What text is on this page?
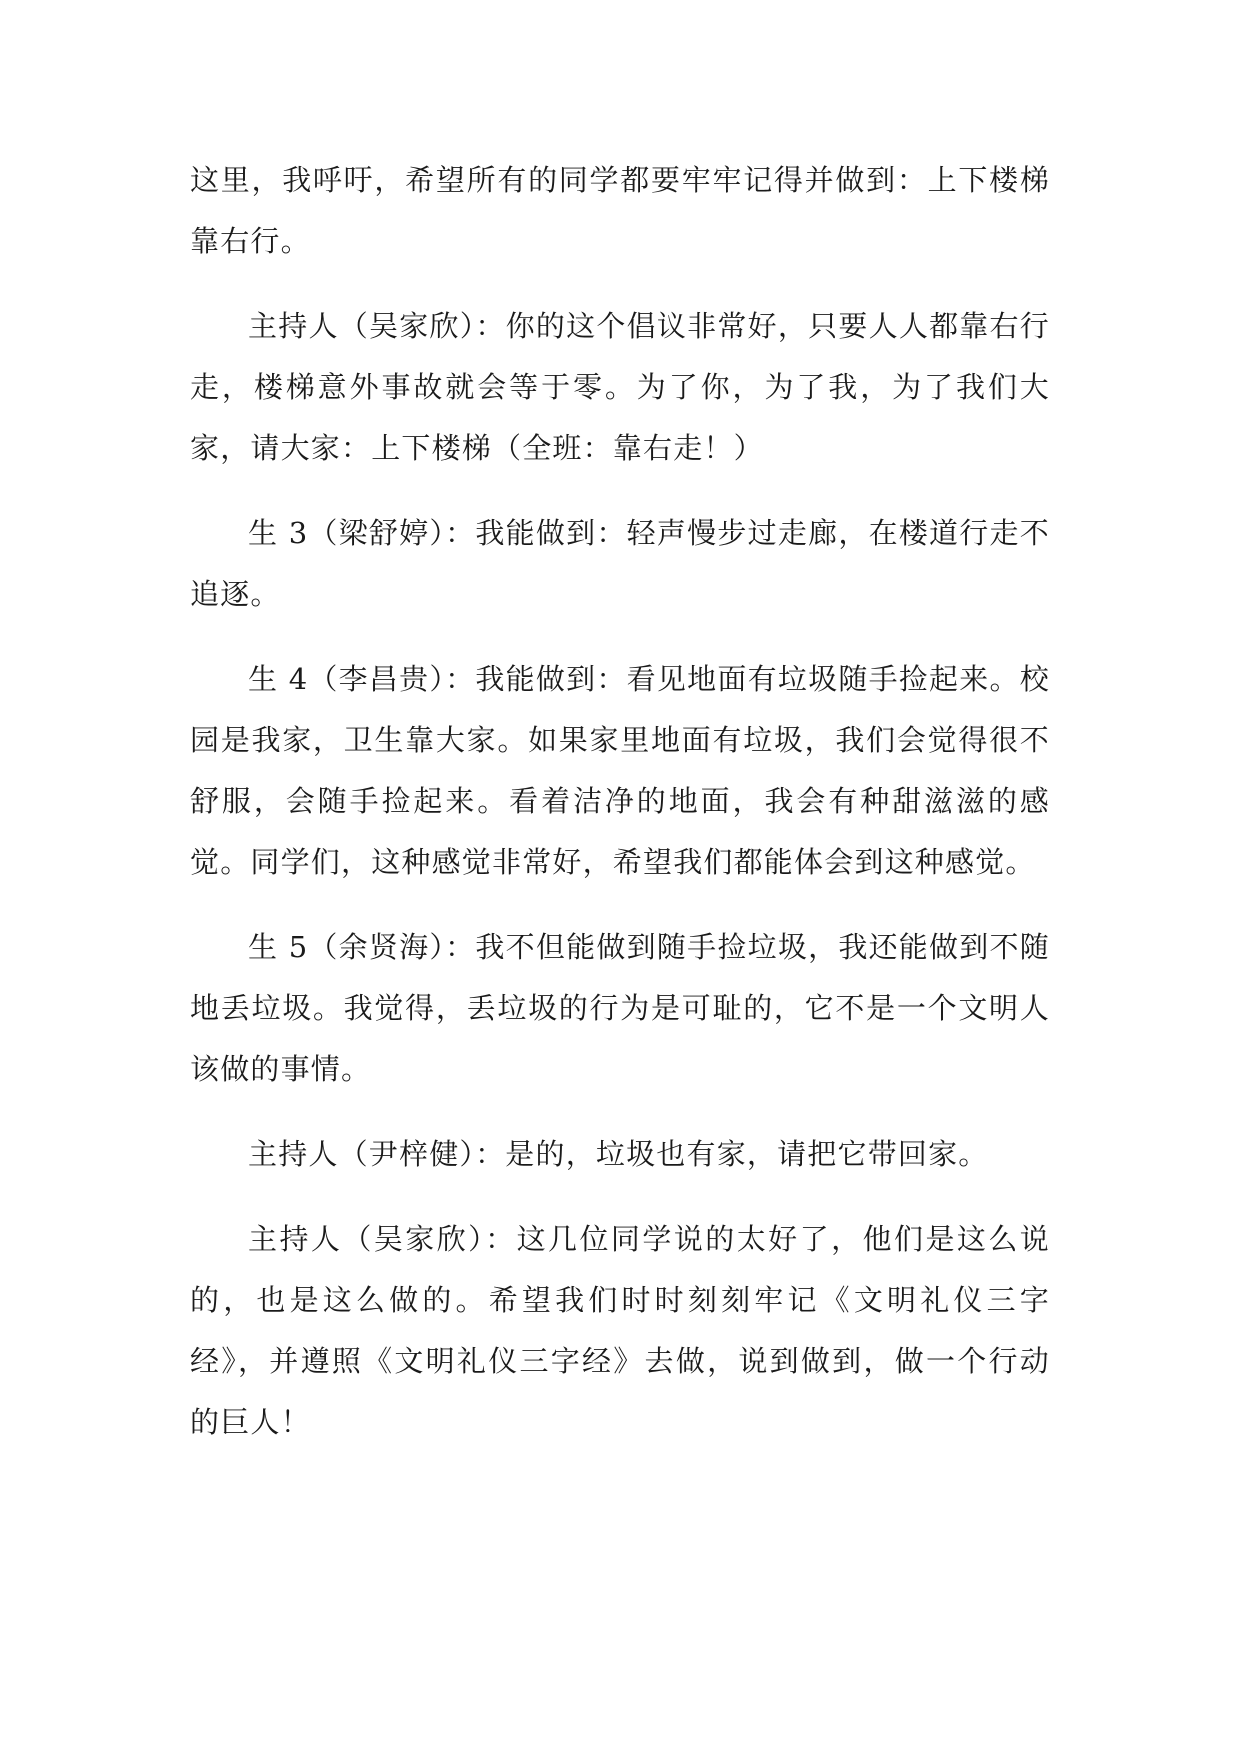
这里，我呼吁，希望所有的同学都要牢牢记得并做到：上下楼梯靠右行。

主持人（吴家欣）：你的这个倡议非常好，只要人人都靠右行走，楼梯意外事故就会等于零。为了你，为了我，为了我们大家，请大家：上下楼梯（全班：靠右走！）

生 3（梁舒婷）：我能做到：轻声慢步过走廊，在楼道行走不追逐。

生 4（李昌贵）：我能做到：看见地面有垃圾随手捡起来。校园是我家，卫生靠大家。如果家里地面有垃圾，我们会觉得很不舒服，会随手捡起来。看着洁净的地面，我会有种甜滋滋的感觉。同学们，这种感觉非常好，希望我们都能体会到这种感觉。

生 5（余贤海）：我不但能做到随手捡垃圾，我还能做到不随地丢垃圾。我觉得，丢垃圾的行为是可耻的，它不是一个文明人该做的事情。

主持人（尹梓健）：是的，垃圾也有家，请把它带回家。

主持人（吴家欣）：这几位同学说的太好了，他们是这么说的，也是这么做的。希望我们时时刻刻牢记《文明礼仪三字经》，并遵照《文明礼仪三字经》去做，说到做到，做一个行动的巨人！
